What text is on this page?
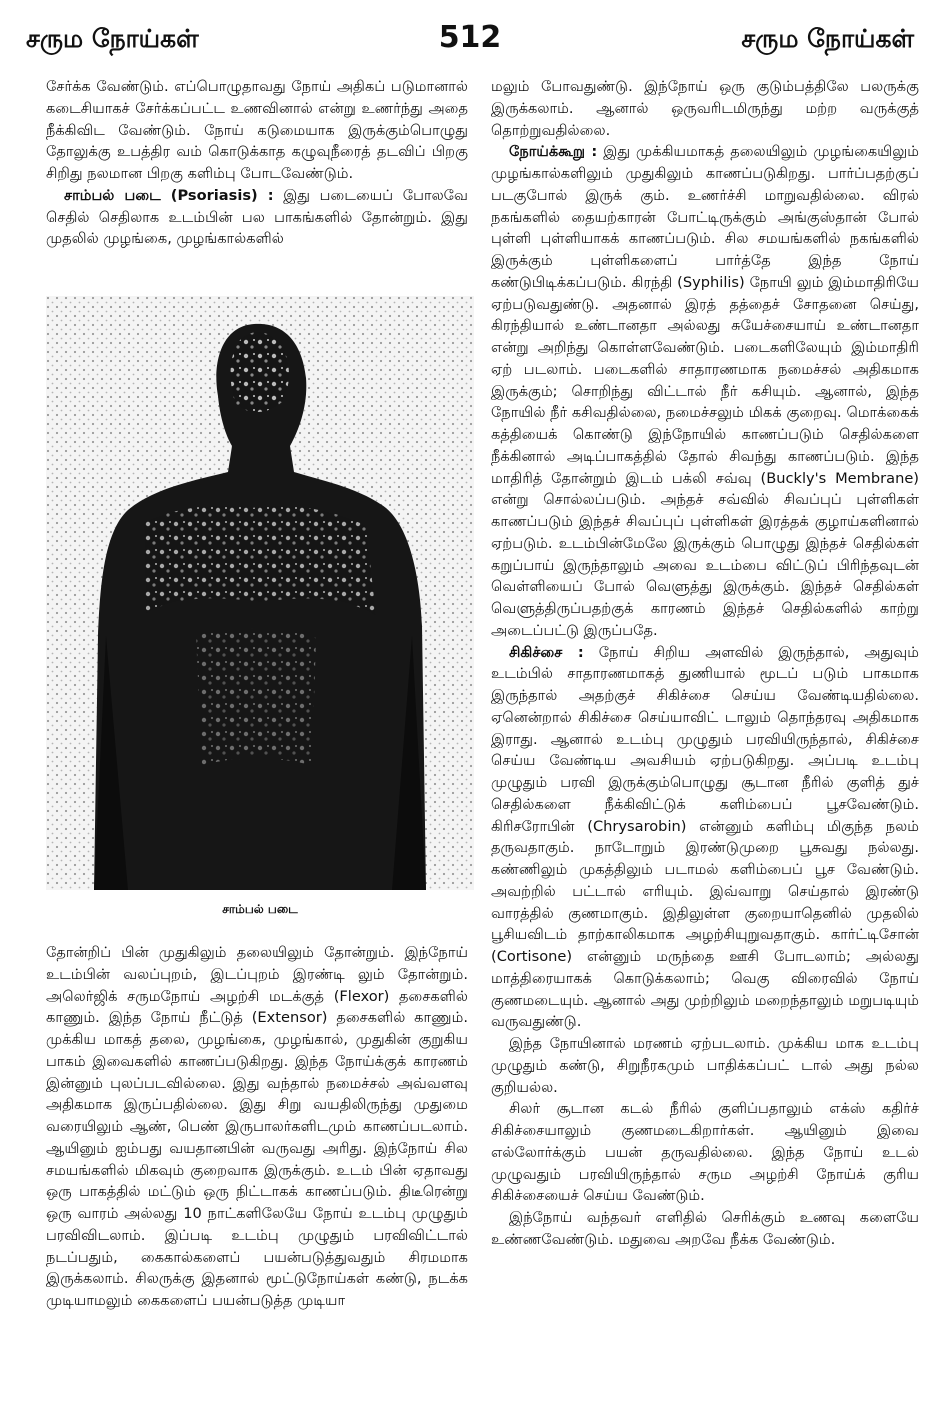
சரும நோய்கள்	512	சரும நோய்கள்

சேர்க்க வேண்டும். எப்பொழுதாவது நோய் அதிகப் படுமானால் கடைசியாகச் சேர்க்கப்பட்ட உணவினால் என்று உணர்ந்து அதை நீக்கிவிட வேண்டும். நோய் கடுமையாக இருக்கும்பொழுது தோலுக்கு உபத்திர வம் கொடுக்காத கழுவுநீரைத் தடவிப் பிறகு சிறிது நலமான பிறகு களிம்பு போடவேண்டும்.

சாம்பல் படை (Psoriasis) : இது படையைப் போலவே செதில் செதிலாக உடம்பின் பல பாகங்களில் தோன்றும். இது முதலில் முழங்கை, முழங்கால்களில்

சாம்பல் படை

தோன்றிப் பின் முதுகிலும் தலையிலும் தோன்றும். இந்நோய் உடம்பின் வலப்புறம், இடப்புறம் இரண்டி லும் தோன்றும். அலெர்ஜிக் சருமநோய் அழற்சி மடக்குத் (Flexor) தசைகளில் காணும். இந்த நோய் நீட்டுத் (Extensor) தசைகளில் காணும். முக்கிய மாகத் தலை, முழங்கை, முழங்கால், முதுகின் குறுகிய பாகம் இவைகளில் காணப்படுகிறது. இந்த நோய்க்குக் காரணம் இன்னும் புலப்படவில்லை. இது வந்தால் நமைச்சல் அவ்வளவு அதிகமாக இருப்பதில்லை. இது சிறு வயதிலிருந்து முதுமை வரையிலும் ஆண், பெண் இருபாலர்களிடமும் காணப்படலாம். ஆயினும் ஐம்பது வயதானபின் வருவது அரிது. இந்நோய் சில சமயங்களில் மிகவும் குறைவாக இருக்கும். உடம் பின் ஏதாவது ஒரு பாகத்தில் மட்டும் ஒரு நிட்டாகக் காணப்படும். திடீரென்று ஒரு வாரம் அல்லது 10 நாட்களிலேயே நோய் உடம்பு முழுதும் பரவிவிடலாம். இப்படி உடம்பு முழுதும் பரவிவிட்டால் நடப்பதும், கைகால்களைப் பயன்படுத்துவதும் சிரமமாக இருக்கலாம். சிலருக்கு இதனால் மூட்டுநோய்கள் கண்டு, நடக்க முடியாமலும் கைகளைப் பயன்படுத்த முடியா

மலும் போவதுண்டு. இந்நோய் ஒரு குடும்பத்திலே பலருக்கு இருக்கலாம். ஆனால் ஒருவரிடமிருந்து மற்ற வருக்குத் தொற்றுவதில்லை.

நோய்க்கூறு : இது முக்கியமாகத் தலையிலும் முழங்கையிலும் முழங்கால்களிலும் முதுகிலும் காணப்படுகிறது. பார்ப்பதற்குப் படகுபோல் இருக் கும். உணர்ச்சி மாறுவதில்லை. விரல் நகங்களில் தையற்காரன் போட்டிருக்கும் அங்குஸ்தான் போல் புள்ளி புள்ளியாகக் காணப்படும். சில சமயங்களில் நகங்களில் இருக்கும் புள்ளிகளைப் பார்த்தே இந்த நோய் கண்டுபிடிக்கப்படும். கிரந்தி (Syphilis) நோயி லும் இம்மாதிரியே ஏற்படுவதுண்டு. அதனால் இரத் தத்தைச் சோதனை செய்து, கிரந்தியால் உண்டானதா அல்லது சுயேச்சையாய் உண்டானதா என்று அறிந்து கொள்ளவேண்டும். படைகளிலேயும் இம்மாதிரி ஏற் படலாம். படைகளில் சாதாரணமாக நமைச்சல் அதிகமாக இருக்கும்; சொறிந்து விட்டால் நீர் கசியும். ஆனால், இந்த நோயில் நீர் கசிவதில்லை, நமைச்சலும் மிகக் குறைவு. மொக்கைக் கத்தியைக் கொண்டு இந்நோயில் காணப்படும் செதில்களை நீக்கினால் அடிப்பாகத்தில் தோல் சிவந்து காணப்படும். இந்த மாதிரித் தோன்றும் இடம் பக்லி சவ்வு (Buckly's Membrane) என்று சொல்லப்படும். அந்தச் சவ்வில் சிவப்புப் புள்ளிகள் காணப்படும் இந்தச் சிவப்புப் புள்ளிகள் இரத்தக் குழாய்களினால் ஏற்படும். உடம்பின்மேலே இருக்கும் பொழுது இந்தச் செதில்கள் கறுப்பாய் இருந்தாலும் அவை உடம்பை விட்டுப் பிரிந்தவுடன் வெள்ளியைப் போல் வெளுத்து இருக்கும். இந்தச் செதில்கள் வெளுத்திருப்பதற்குக் காரணம் இந்தச் செதில்களில் காற்று அடைப்பட்டு இருப்பதே.

சிகிச்சை : நோய் சிறிய அளவில் இருந்தால், அதுவும் உடம்பில் சாதாரணமாகத் துணியால் மூடப் படும் பாகமாக இருந்தால் அதற்குச் சிகிச்சை செய்ய வேண்டியதில்லை. ஏனென்றால் சிகிச்சை செய்யாவிட் டாலும் தொந்தரவு அதிகமாக இராது. ஆனால் உடம்பு முழுதும் பரவியிருந்தால், சிகிச்சை செய்ய வேண்டிய அவசியம் ஏற்படுகிறது. அப்படி உடம்பு முழுதும் பரவி இருக்கும்பொழுது சூடான நீரில் குளித் துச் செதில்களை நீக்கிவிட்டுக் களிம்பைப் பூசவேண்டும். கிரிசரோபின் (Chrysarobin) என்னும் களிம்பு மிகுந்த நலம் தருவதாகும். நாடோறும் இரண்டுமுறை பூசுவது நல்லது. கண்ணிலும் முகத்திலும் படாமல் களிம்பைப் பூச வேண்டும். அவற்றில் பட்டால் எரியும். இவ்வாறு செய்தால் இரண்டு வாரத்தில் குணமாகும். இதிலுள்ள குறையாதெனில் முதலில் பூசியவிடம் தாற்காலிகமாக அழற்சியுறுவதாகும். கார்ட்டிசோன் (Cortisone) என்னும் மருந்தை ஊசி போடலாம்; அல்லது மாத்திரையாகக் கொடுக்கலாம்; வெகு விரைவில் நோய் குணமடையும். ஆனால் அது முற்றிலும் மறைந்தாலும் மறுபடியும் வருவதுண்டு.

இந்த நோயினால் மரணம் ஏற்படலாம். முக்கிய மாக உடம்பு முழுதும் கண்டு, சிறுநீரகமும் பாதிக்கப்பட் டால் அது நல்ல குறியல்ல.

சிலர் சூடான கடல் நீரில் குளிப்பதாலும் எக்ஸ் கதிர்ச் சிகிச்சையாலும் குணமடைகிறார்கள். ஆயினும் இவை எல்லோர்க்கும் பயன் தருவதில்லை. இந்த நோய் உடல் முழுவதும் பரவியிருந்தால் சரும அழற்சி நோய்க் குரிய சிகிச்சையைச் செய்ய வேண்டும்.

இந்நோய் வந்தவர் எளிதில் செரிக்கும் உணவு களையே உண்ணவேண்டும். மதுவை அறவே நீக்க வேண்டும்.
